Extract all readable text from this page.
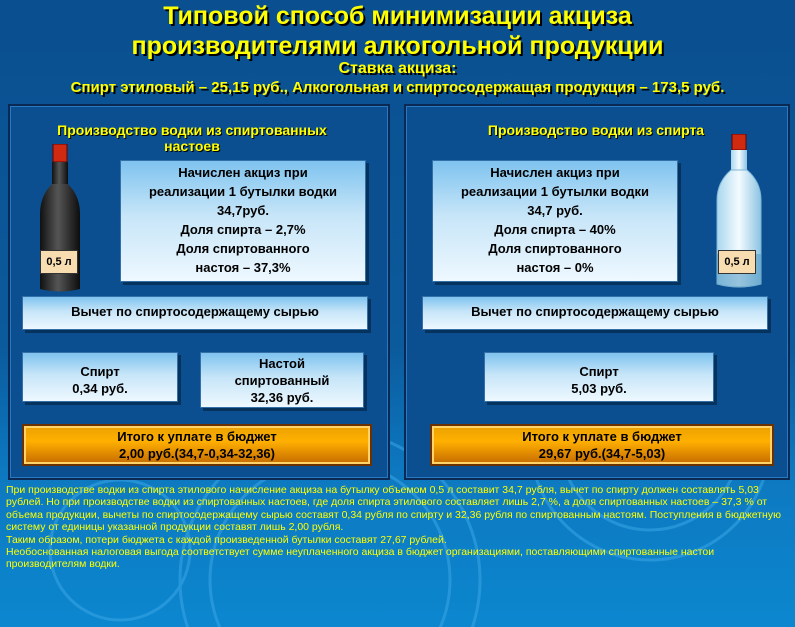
Типовой способ минимизации акциза
производителями алкогольной продукции
Ставка акциза:
Спирт этиловый – 25,15 руб., Алкогольная и спиртосодержащая продукция – 173,5 руб.
Производство водки из спиртованных
настоев
0,5 л
Начислен акциз при
реализации 1 бутылки водки
34,7руб.
Доля спирта – 2,7%
Доля спиртованного
настоя – 37,3%
Вычет по спиртосодержащему сырью
Спирт
0,34 руб.
Настой
спиртованный
32,36 руб.
Итого к уплате в бюджет
2,00 руб.(34,7-0,34-32,36)
Производство водки из спирта
Начислен акциз при
реализации 1 бутылки водки
34,7 руб.
Доля спирта – 40%
Доля спиртованного
настоя – 0%	0,5 л
Вычет по спиртосодержащему сырью
Спирт
5,03 руб.
Итого к уплате в бюджет
29,67 руб.(34,7-5,03)

При производстве водки из спирта этилового начисление акциза на бутылку объемом 0,5 л составит 34,7 рубля, вычет по спирту должен составлять 5,03 рублей. Но при производстве водки из спиртованных настоев, где доля спирта этилового составляет лишь 2,7 %, а доля спиртованных настоев – 37,3 % от объема продукции, вычеты по спиртосодержащему сырью составят 0,34 рубля по спирту и 32,36 рубля по спиртованным настоям. Поступления в бюджетную систему от единицы указанной продукции составят лишь 2,00 рубля.

Таким образом, потери бюджета с каждой произведенной бутылки составят 27,67 рублей.

Необоснованная налоговая выгода соответствует сумме неуплаченного акциза в бюджет организациями, поставляющими спиртованные настои производителям водки.
